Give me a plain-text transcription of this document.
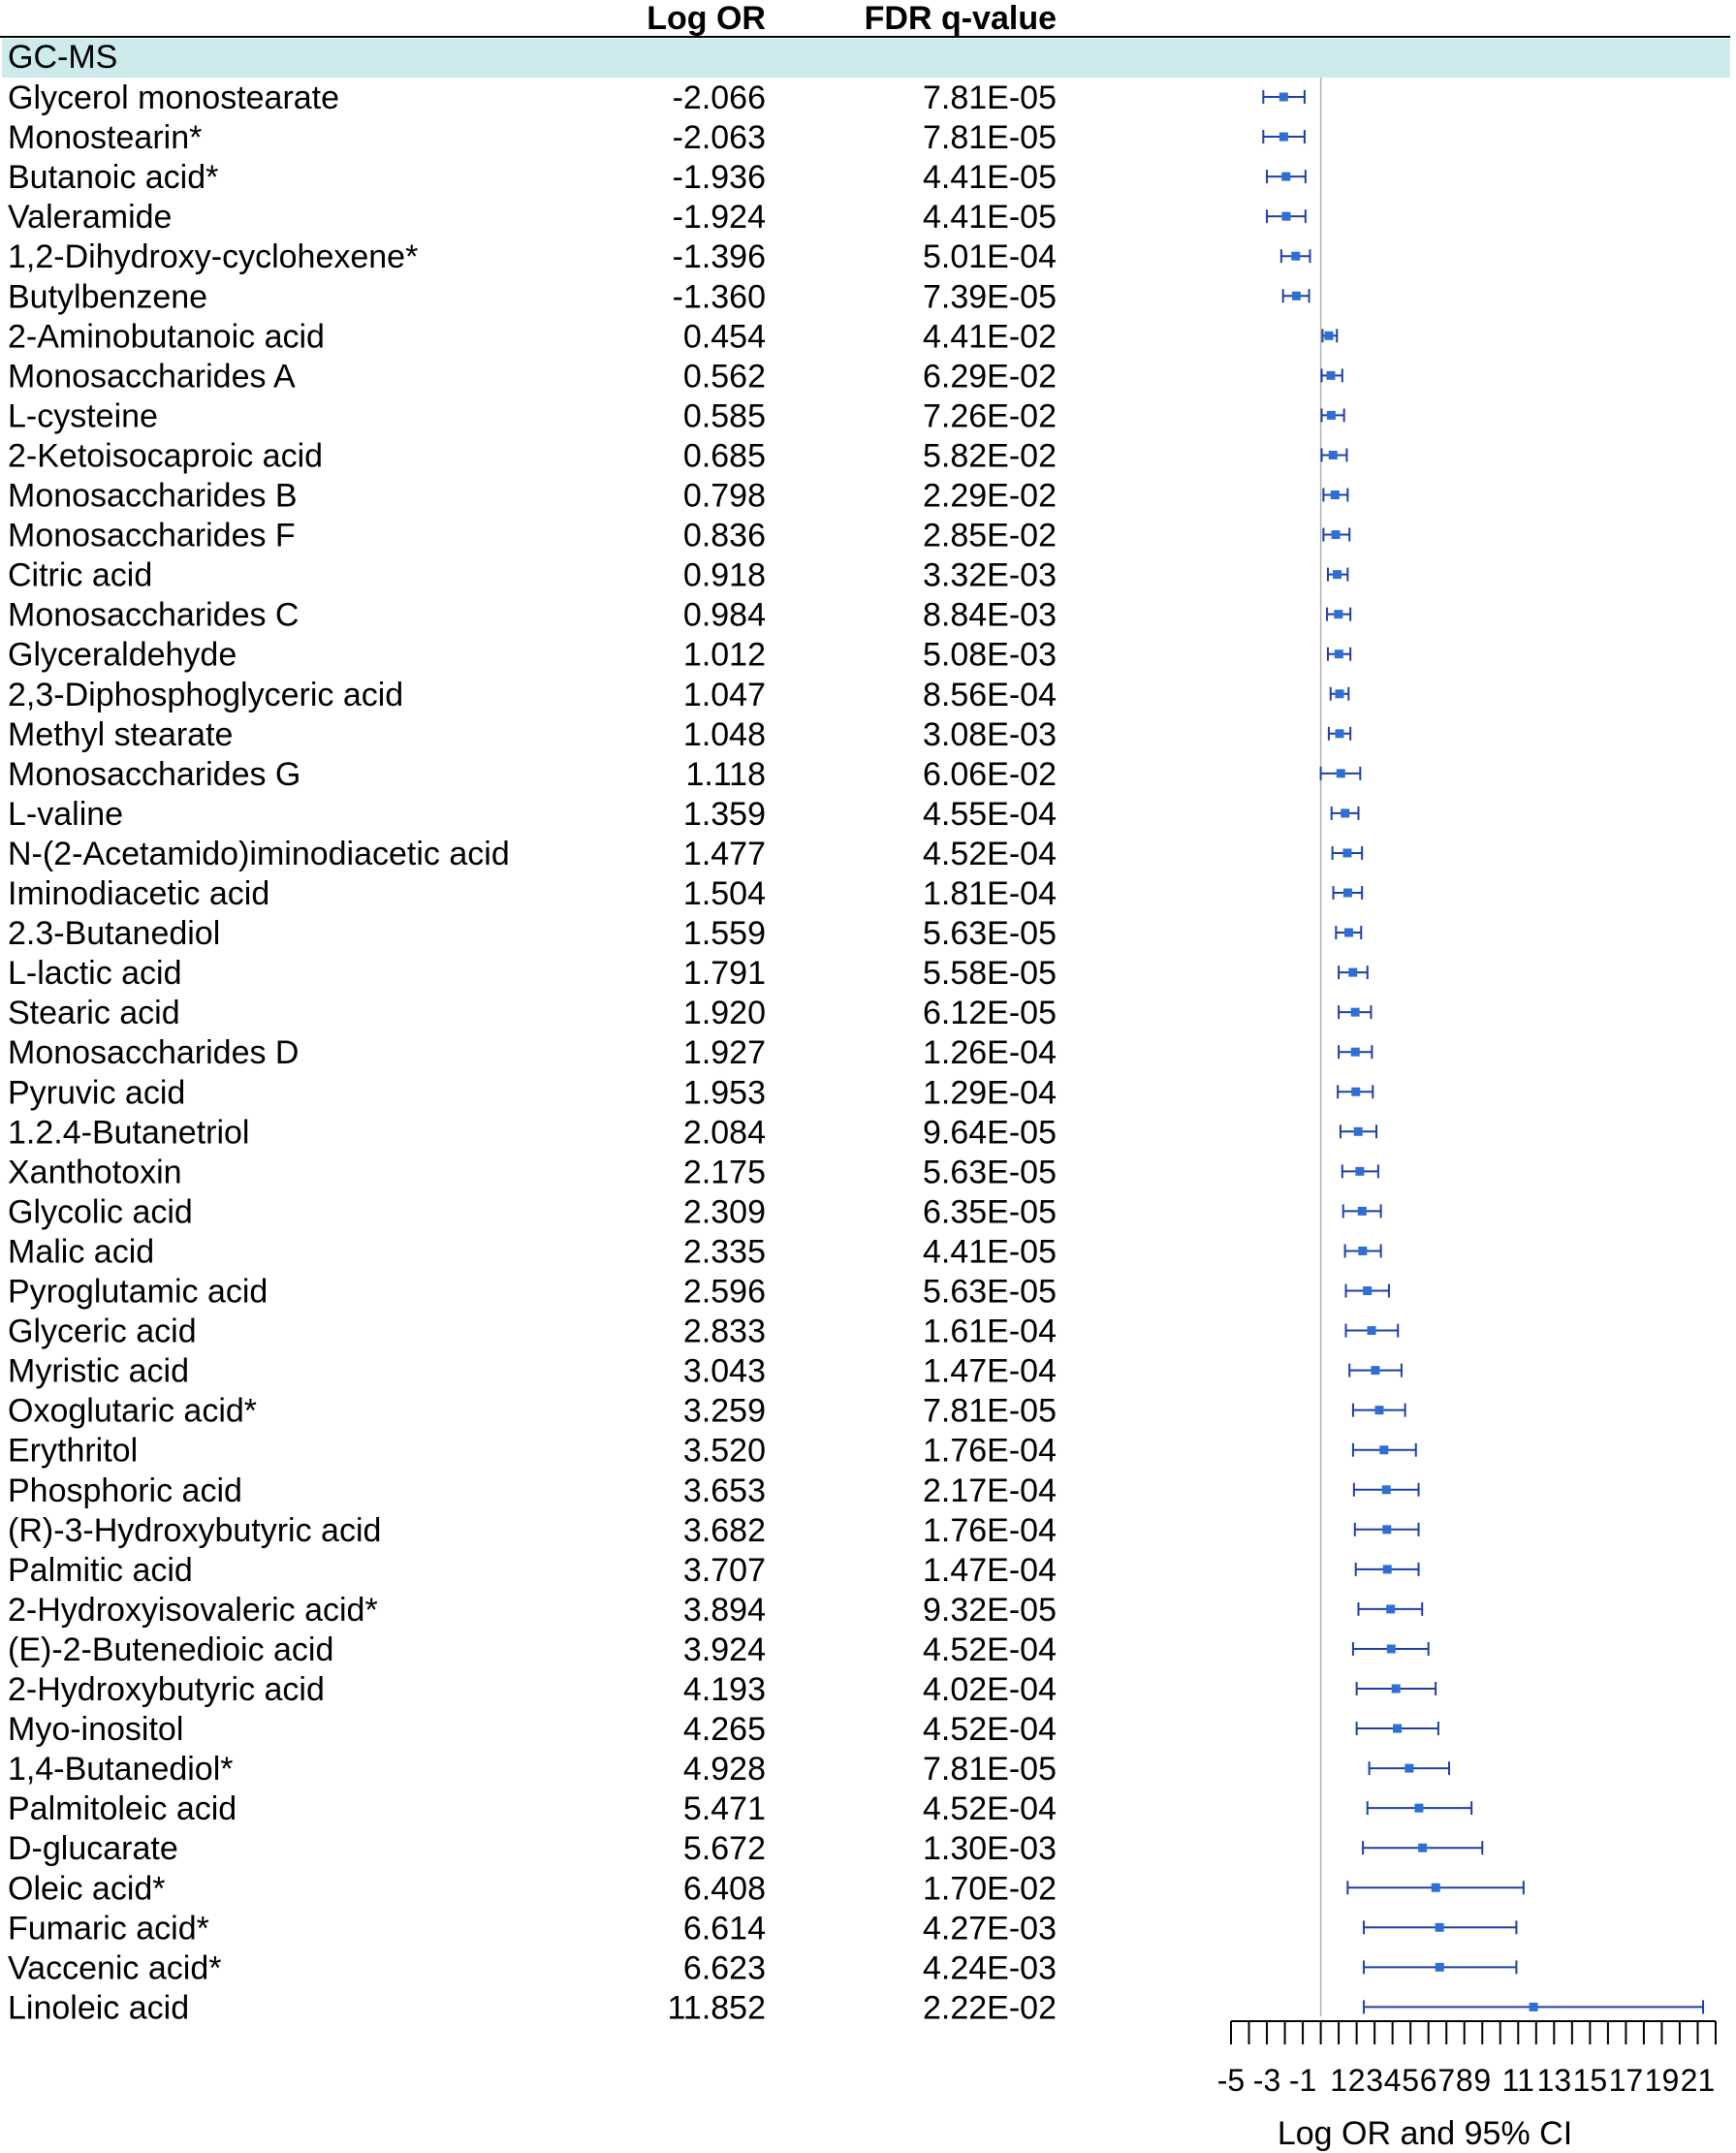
Log OR	FDR q-value
GC-MS
Glycerol monostearate	-2.066	7.81E-05
Monostearin*	-2.063	7.81E-05
Butanoic acid*	-1.936	4.41E-05
Valeramide	-1.924	4.41E-05
1,2-Dihydroxy-cyclohexene*	-1.396	5.01E-04
Butylbenzene	-1.360	7.39E-05
2-Aminobutanoic acid	0.454	4.41E-02
Monosaccharides A	0.562	6.29E-02
L-cysteine	0.585	7.26E-02
2-Ketoisocaproic acid	0.685	5.82E-02
Monosaccharides B	0.798	2.29E-02
Monosaccharides F	0.836	2.85E-02
Citric acid	0.918	3.32E-03
Monosaccharides C	0.984	8.84E-03
Glyceraldehyde	1.012	5.08E-03
2,3-Diphosphoglyceric acid	1.047	8.56E-04
Methyl stearate	1.048	3.08E-03
Monosaccharides G	1.118	6.06E-02
L-valine	1.359	4.55E-04
N-(2-Acetamido)iminodiacetic acid	1.477	4.52E-04
Iminodiacetic acid	1.504	1.81E-04
2.3-Butanediol	1.559	5.63E-05
L-lactic acid	1.791	5.58E-05
Stearic acid	1.920	6.12E-05
Monosaccharides D	1.927	1.26E-04
Pyruvic acid	1.953	1.29E-04
1.2.4-Butanetriol	2.084	9.64E-05
Xanthotoxin	2.175	5.63E-05
Glycolic acid	2.309	6.35E-05
Malic acid	2.335	4.41E-05
Pyroglutamic acid	2.596	5.63E-05
Glyceric acid	2.833	1.61E-04
Myristic acid	3.043	1.47E-04
Oxoglutaric acid*	3.259	7.81E-05
Erythritol	3.520	1.76E-04
Phosphoric acid	3.653	2.17E-04
(R)-3-Hydroxybutyric acid	3.682	1.76E-04
Palmitic acid	3.707	1.47E-04
2-Hydroxyisovaleric acid*	3.894	9.32E-05
(E)-2-Butenedioic acid	3.924	4.52E-04
2-Hydroxybutyric acid	4.193	4.02E-04
Myo-inositol	4.265	4.52E-04
1,4-Butanediol*	4.928	7.81E-05
Palmitoleic acid	5.471	4.52E-04
D-glucarate	5.672	1.30E-03
Oleic acid*	6.408	1.70E-02
Fumaric acid*	6.614	4.27E-03
Vaccenic acid*	6.623	4.24E-03
Linoleic acid	11.852	2.22E-02
-5 -3 -1 1 2 3 4 5 6 7 8 9 11 13 15 17 19 21
Log OR and 95% CI
